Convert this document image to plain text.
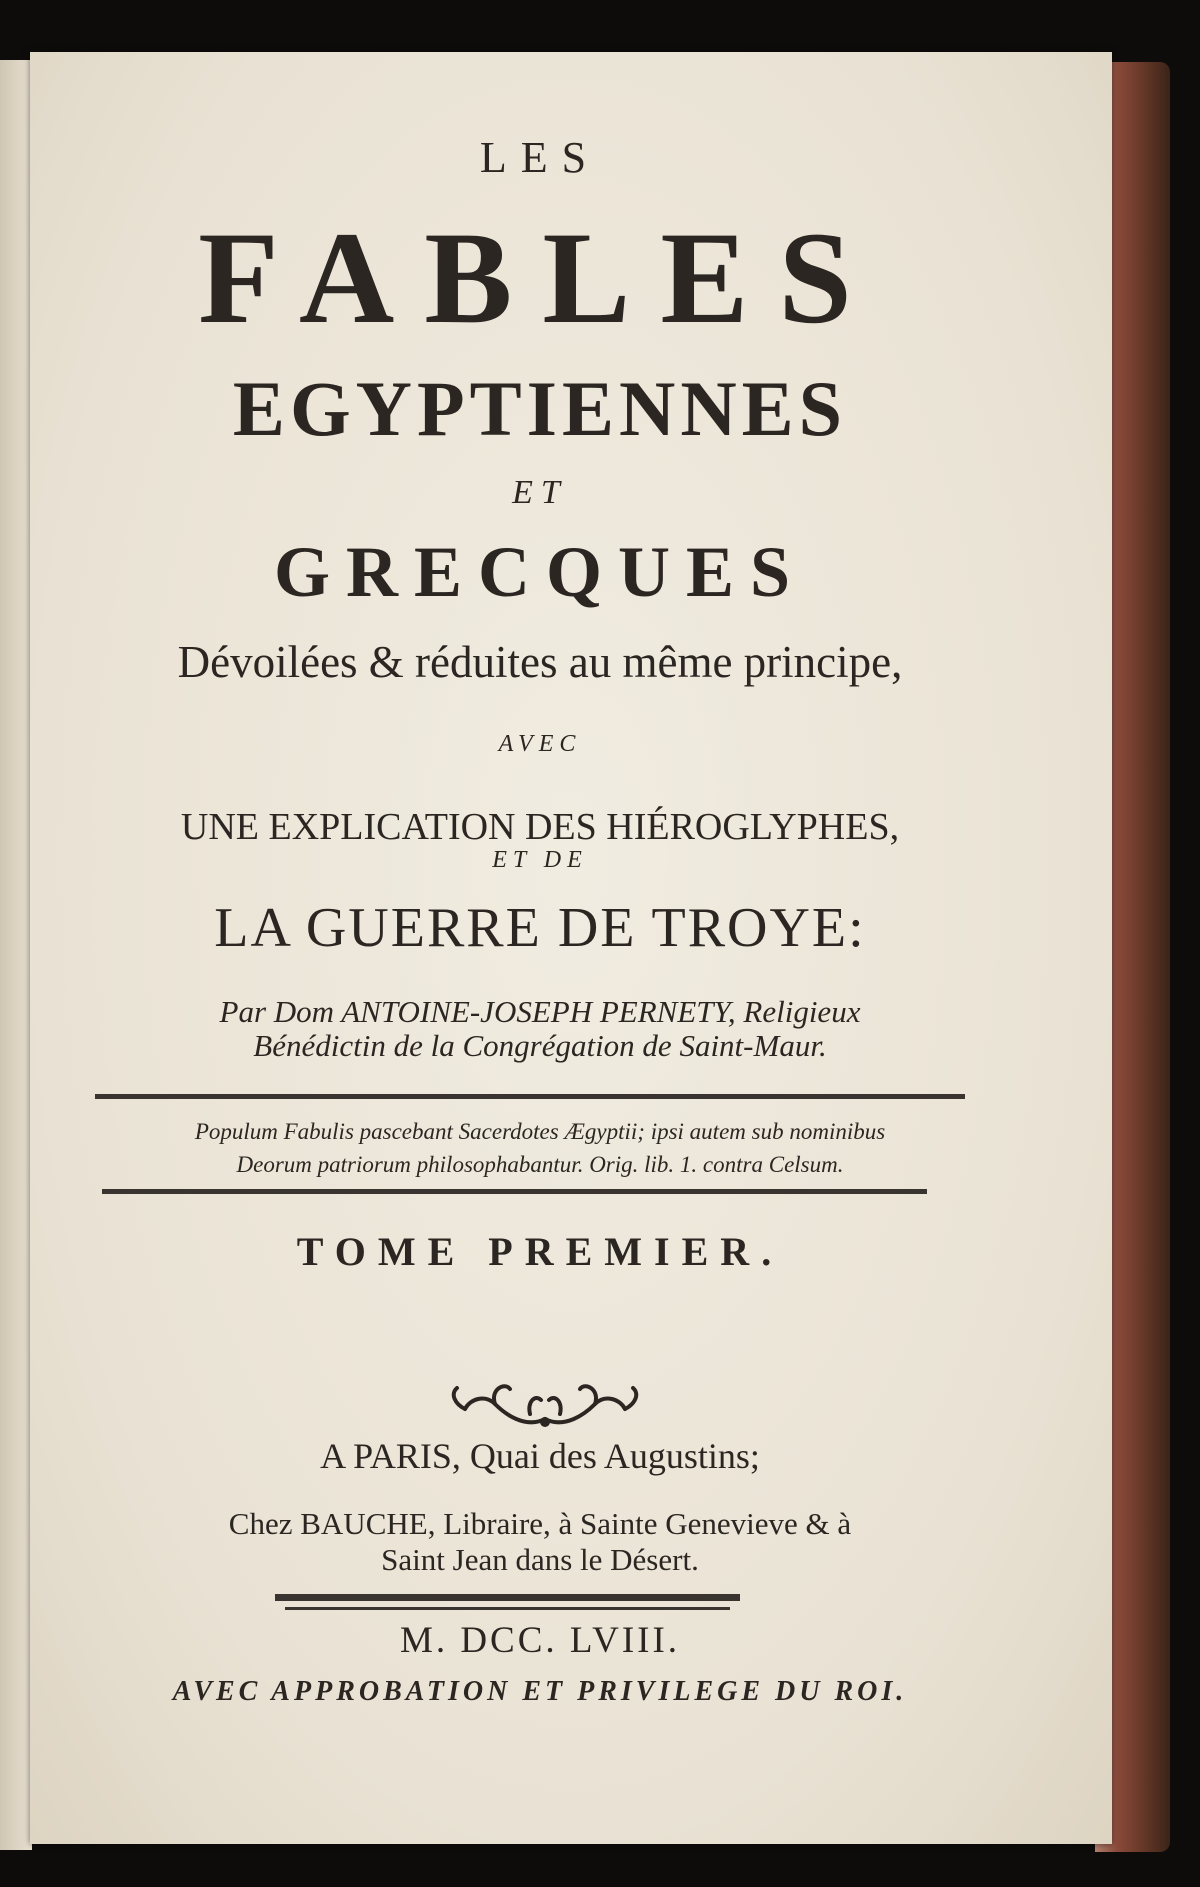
LES
FABLES
EGYPTIENNES
ET
GRECQUES
Dévoilées & réduites au même principe,
AVEC
UNE EXPLICATION DES HIÉROGLYPHES,
ET DE
LA GUERRE DE TROYE:
Par Dom ANTOINE-JOSEPH PERNETY, Religieux
Bénédictin de la Congrégation de Saint-Maur.
Populum Fabulis pascebant Sacerdotes Ægyptii; ipsi autem sub nominibus
Deorum patriorum philosophabantur. Orig. lib. 1. contra Celsum.
TOME PREMIER.
A PARIS, Quai des Augustins;
Chez BAUCHE, Libraire, à Sainte Genevieve & à
Saint Jean dans le Désert.
M. DCC. LVIII.
AVEC APPROBATION ET PRIVILEGE DU ROI.
